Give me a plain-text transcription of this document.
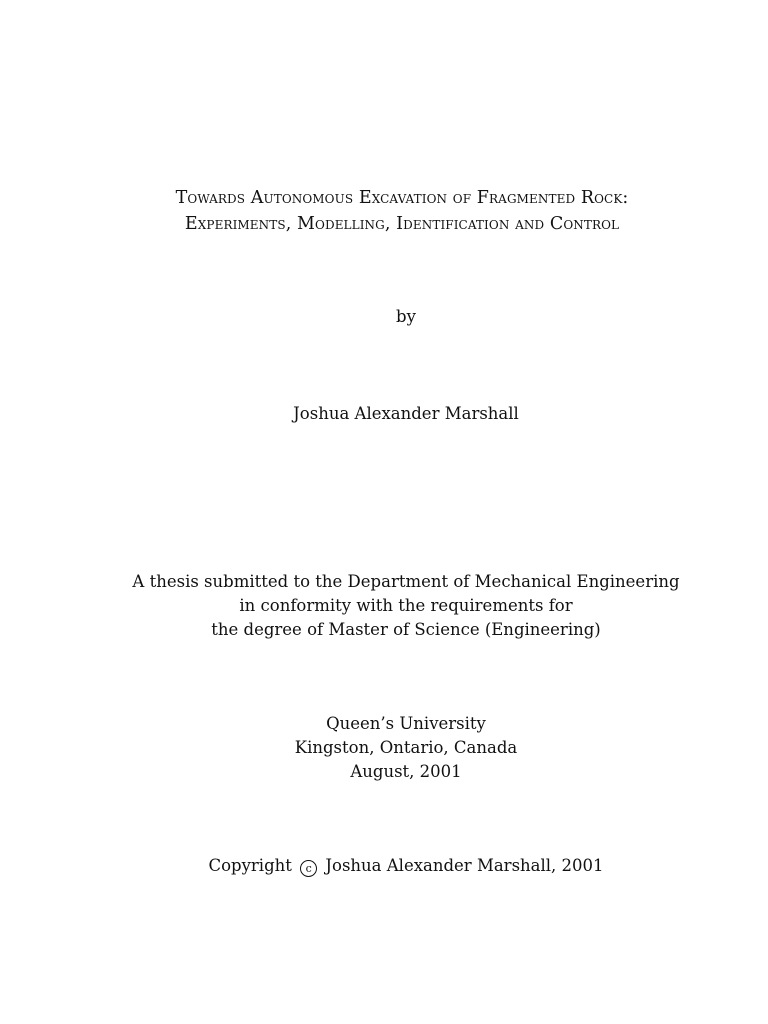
Towards Autonomous Excavation of Fragmented Rock:
Experiments, Modelling, Identification and Control
by
Joshua Alexander Marshall
A thesis submitted to the Department of Mechanical Engineering
in conformity with the requirements for
the degree of Master of Science (Engineering)
Queen’s University
Kingston, Ontario, Canada
August, 2001
Copyright c Joshua Alexander Marshall, 2001
